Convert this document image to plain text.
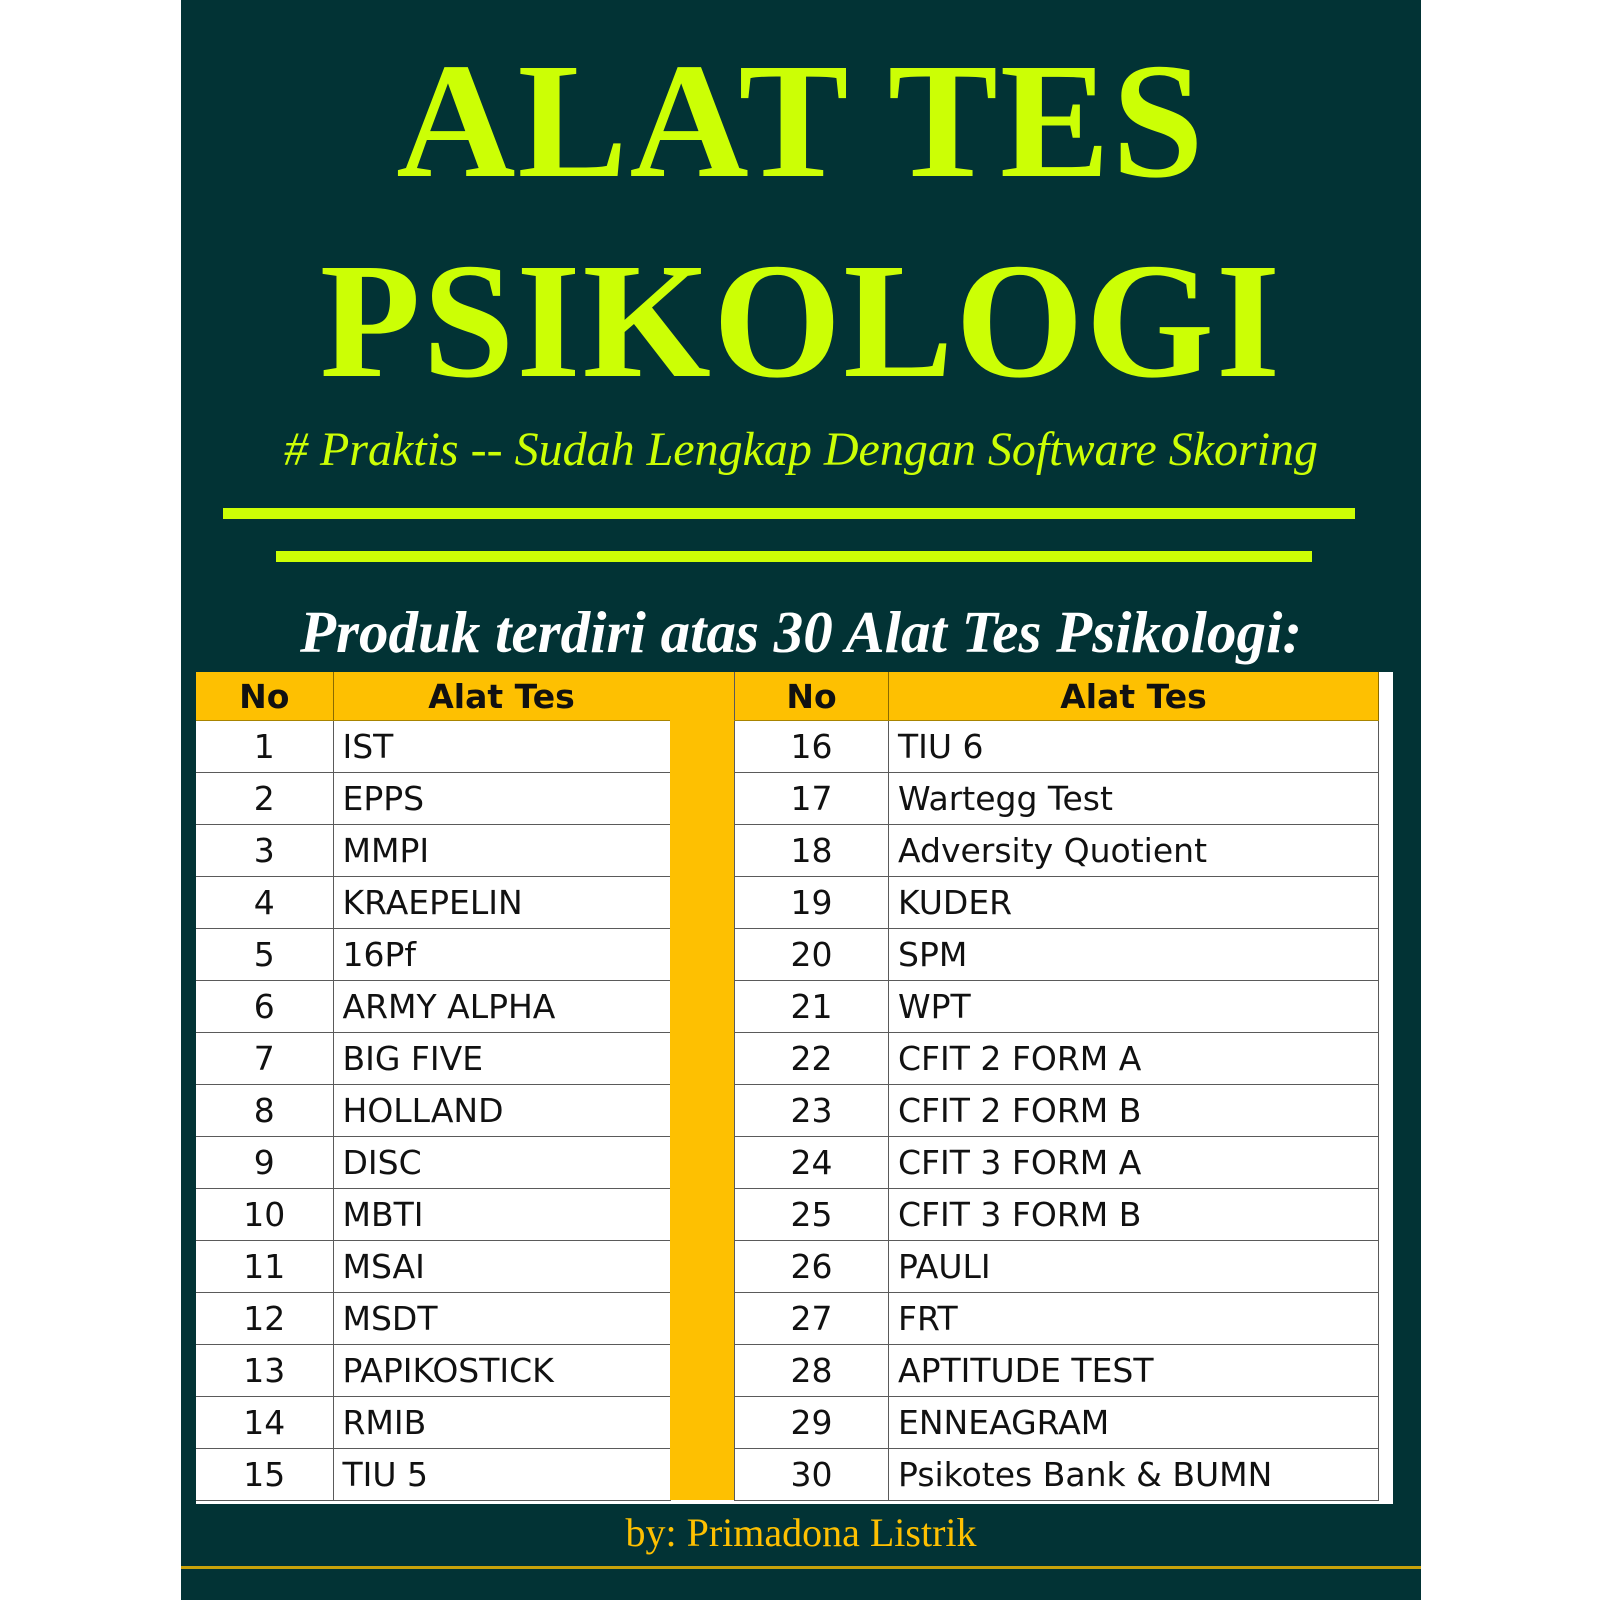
ALAT TES
PSIKOLOGI
# Praktis -- Sudah Lengkap Dengan Software Skoring
Produk terdiri atas 30 Alat Tes Psikologi:
No	Alat Tes
1	IST
2	EPPS
3	MMPI
4	KRAEPELIN
5	16Pf
6	ARMY ALPHA
7	BIG FIVE
8	HOLLAND
9	DISC
10	MBTI
11	MSAI
12	MSDT
13	PAPIKOSTICK
14	RMIB
15	TIU 5
No	Alat Tes
16	TIU 6
17	Wartegg Test
18	Adversity Quotient
19	KUDER
20	SPM
21	WPT
22	CFIT 2 FORM A
23	CFIT 2 FORM B
24	CFIT 3 FORM A
25	CFIT 3 FORM B
26	PAULI
27	FRT
28	APTITUDE TEST
29	ENNEAGRAM
30	Psikotes Bank & BUMN
by: Primadona Listrik
